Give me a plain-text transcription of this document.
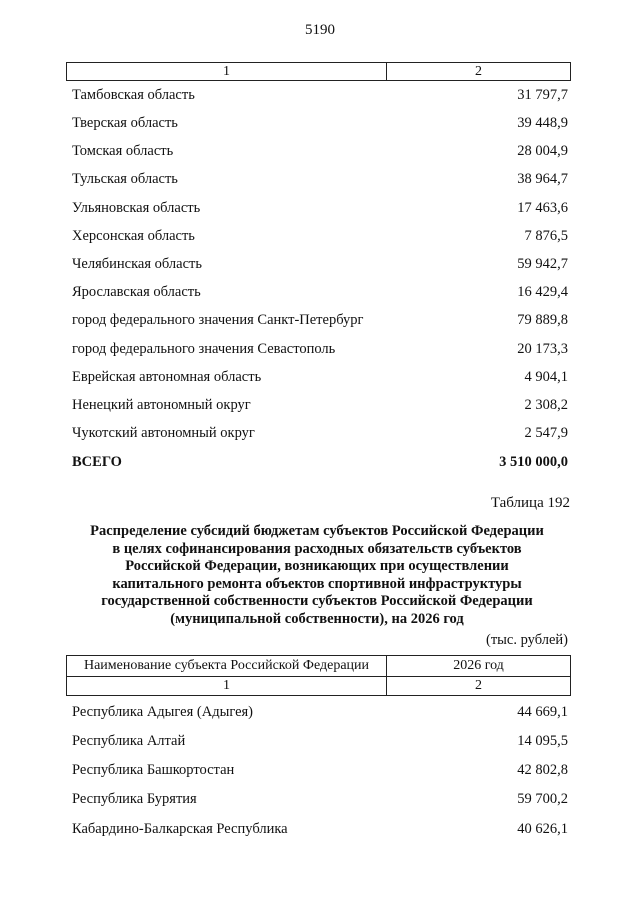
5190
1	2
Тамбовская область	31 797,7
Тверская область	39 448,9
Томская область	28 004,9
Тульская область	38 964,7
Ульяновская область	17 463,6
Херсонская область	7 876,5
Челябинская область	59 942,7
Ярославская область	16 429,4
город федерального значения Санкт-Петербург	79 889,8
город федерального значения Севастополь	20 173,3
Еврейская автономная область	4 904,1
Ненецкий автономный округ	2 308,2
Чукотский автономный округ	2 547,9
ВСЕГО	3 510 000,0
Таблица 192
Распределение субсидий бюджетам субъектов Российской Федерации
в целях софинансирования расходных обязательств субъектов
Российской Федерации, возникающих при осуществлении
капитального ремонта объектов спортивной инфраструктуры
государственной собственности субъектов Российской Федерации
(муниципальной собственности), на 2026 год
(тыс. рублей)
Наименование субъекта Российской Федерации	2026 год
1	2
Республика Адыгея (Адыгея)	44 669,1
Республика Алтай	14 095,5
Республика Башкортостан	42 802,8
Республика Бурятия	59 700,2
Кабардино-Балкарская Республика	40 626,1
